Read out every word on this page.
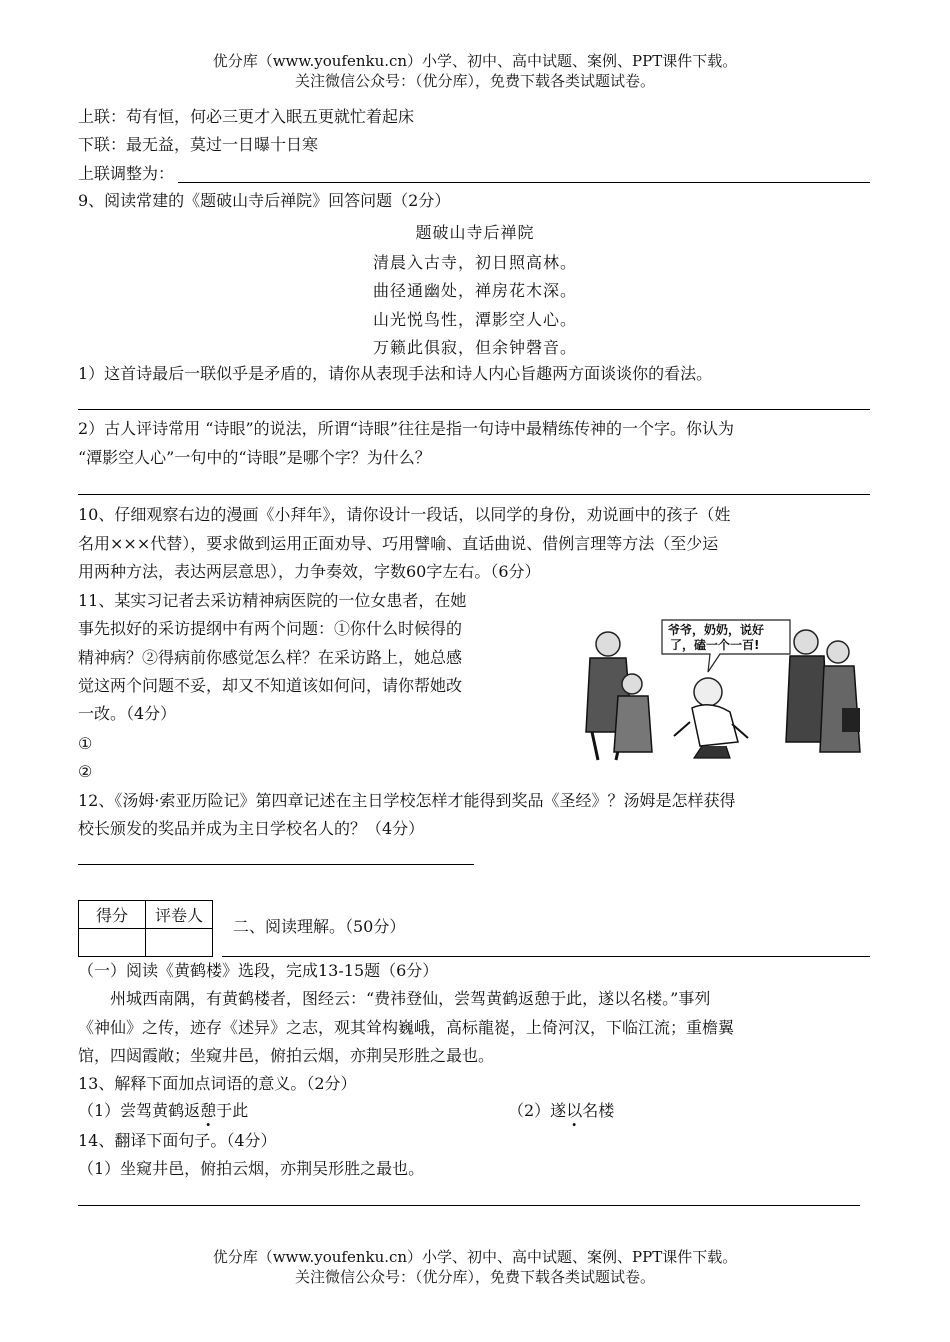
优分库（www.youfenku.cn）小学、初中、高中试题、案例、PPT课件下载。
关注微信公众号：（优分库），免费下载各类试题试卷。
上联：苟有恒，何必三更才入眠五更就忙着起床
下联：最无益，莫过一日曝十日寒
上联调整为：
9、阅读常建的《题破山寺后禅院》回答问题（2分）
题破山寺后禅院
清晨入古寺，初日照高林。
曲径通幽处，禅房花木深。
山光悦鸟性，潭影空人心。
万籁此俱寂，但余钟磬音。
1）这首诗最后一联似乎是矛盾的，请你从表现手法和诗人内心旨趣两方面谈谈你的看法。
2）古人评诗常用 “诗眼”的说法，所谓“诗眼”往往是指一句诗中最精练传神的一个字。你认为
“潭影空人心”一句中的“诗眼”是哪个字？为什么？
10、仔细观察右边的漫画《小拜年》，请你设计一段话，以同学的身份，劝说画中的孩子（姓
名用×××代替），要求做到运用正面劝导、巧用譬喻、直话曲说、借例言理等方法（至少运
用两种方法，表达两层意思），力争奏效，字数60字左右。（6分）
11、某实习记者去采访精神病医院的一位女患者，在她
事先拟好的采访提纲中有两个问题：①你什么时候得的
精神病？②得病前你感觉怎么样？在采访路上，她总感
觉这两个问题不妥，却又不知道该如何问，请你帮她改
一改。（4分）
①
②
爷爷，奶奶，说好
了，磕一个一百!
12、《汤姆·索亚历险记》第四章记述在主日学校怎样才能得到奖品《圣经》？汤姆是怎样获得
校长颁发的奖品并成为主日学校名人的？（4分）
得分	评卷人

二、阅读理解。（50分）
（一）阅读《黄鹤楼》选段，完成13-15题（6分）
州城西南隅，有黄鹤楼者，图经云：“费祎登仙，尝驾黄鹤返憩于此，遂以名楼。”事列
《神仙》之传，迹存《述异》之志，观其耸构巍峨，高标龍嵸，上倚河汉，下临江流；重檐翼
馆，四闼霞敞；坐窥井邑，俯拍云烟，亦荆吴形胜之最也。
13、解释下面加点词语的意义。（2分）
（1）尝驾黄鹤返憩于此	（2）遂以名楼
14、翻译下面句子。（4分）
（1）坐窥井邑，俯拍云烟，亦荆吴形胜之最也。
优分库（www.youfenku.cn）小学、初中、高中试题、案例、PPT课件下载。
关注微信公众号：（优分库），免费下载各类试题试卷。
